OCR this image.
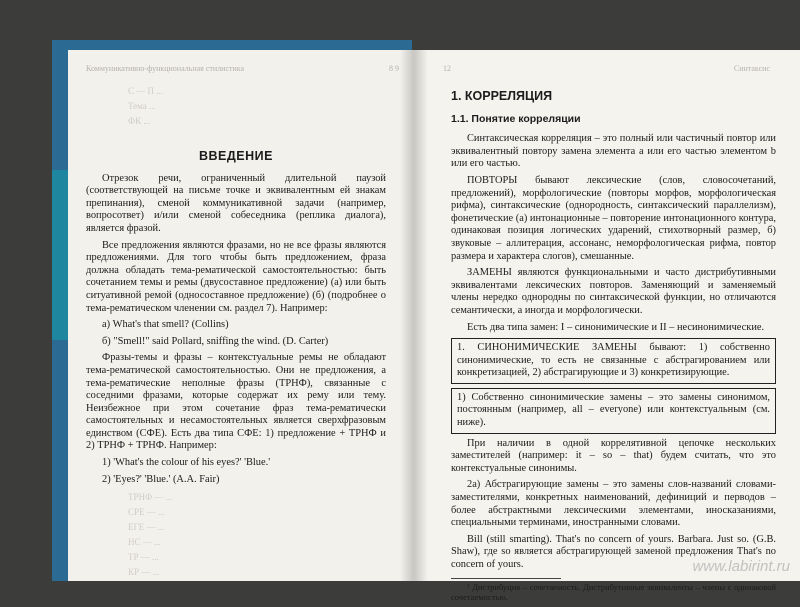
Коммуникативно-функциональная стилистика	8 9
С — П ...
Тема ...
ФК ...
ВВЕДЕНИЕ

Отрезок речи, ограниченный длительной паузой (соответствующей на письме точке и эквивалентным ей знакам препинания), сменой коммуникативной задачи (например, вопросответ) и/или сменой собеседника (реплика диалога), является фразой.

Все предложения являются фразами, но не все фразы являются предложениями. Для того чтобы быть предложением, фраза должна обладать тема-рематической самостоятельностью: быть сочетанием темы и ремы (двусоставное предложение) (а) или быть ситуативной ремой (односоставное предложение) (б) (подробнее о тема-рематическом членении см. раздел 7). Например:

а) What's that smell? (Collins)

б) "Smell!" said Pollard, sniffing the wind. (D. Carter)

Фразы-темы и фразы – контекстуальные ремы не обладают тема-рематической самостоятельностью. Они не предложения, а тема-рематические неполные фразы (ТРНФ), связанные с соседними фразами, которые содержат их рему или тему. Неизбежное при этом сочетание фраз тема-рематически самостоятельных и несамостоятельных является сверхфразовым единством (СФЕ). Есть два типа СФЕ: 1) предложение + ТРНФ и 2) ТРНФ + ТРНФ. Например:

1) 'What's the colour of his eyes?' 'Blue.'

2) 'Eyes?' 'Blue.' (A.A. Fair)

ТРНФ — ...
СРЕ — ...
ЕГЕ — ...
НС — ...
ТР — ...
КР — ...
12	Синтаксис
1. КОРРЕЛЯЦИЯ
1.1. Понятие корреляции

Синтаксическая корреляция – это полный или частичный повтор или эквивалентный повтору замена элемента a или его частью элементом b или его частью.

ПОВТОРЫ бывают лексические (слов, словосочетаний, предложений), морфологические (повторы морфов, морфологическая рифма), синтаксические (однородность, синтаксический параллелизм), фонетические (а) интонационные – повторение интонационного контура, одинаковая позиция логических ударений, стихотворный размер, б) звуковые – аллитерация, ассонанс, неморфологическая рифма, повтор размера и характера слогов), смешанные.

ЗАМЕНЫ являются функциональными и часто дистрибутивными эквивалентами лексических повторов. Заменяющий и заменяемый члены нередко однородны по синтаксической функции, но отличаются семантически, а иногда и морфологически.

Есть два типа замен: I – синонимические и II – несинонимические.

1. СИНОНИМИЧЕСКИЕ ЗАМЕНЫ бывают: 1) собственно синонимические, то есть не связанные с абстрагированием или конкретизацией, 2) абстрагирующие и 3) конкретизирующие.
1) Собственно синонимические замены – это замены синонимом, постоянным (например, all – everyone) или контекстуальным (см. ниже).

При наличии в одной коррелятивной цепочке нескольких заместителей (например: it – so – that) будем считать, что это контекстуальные синонимы.

2а) Абстрагирующие замены – это замены слов-названий словами-заместителями, конкретных наименований, дефиниций и перводов – более абстрактными лексическими элементами, иносказаниями, специальными терминами, иностранными словами.

Bill (still smarting). That's no concern of yours. Barbara. Just so. (G.B. Shaw), где so является абстрагирующей заменой предложения That's no concern of yours.

¹ Дистрибуция – сочетаемость. Дистрибутивные эквиваленты – члены с одинаковой сочетаемостью.

www.labirint.ru
